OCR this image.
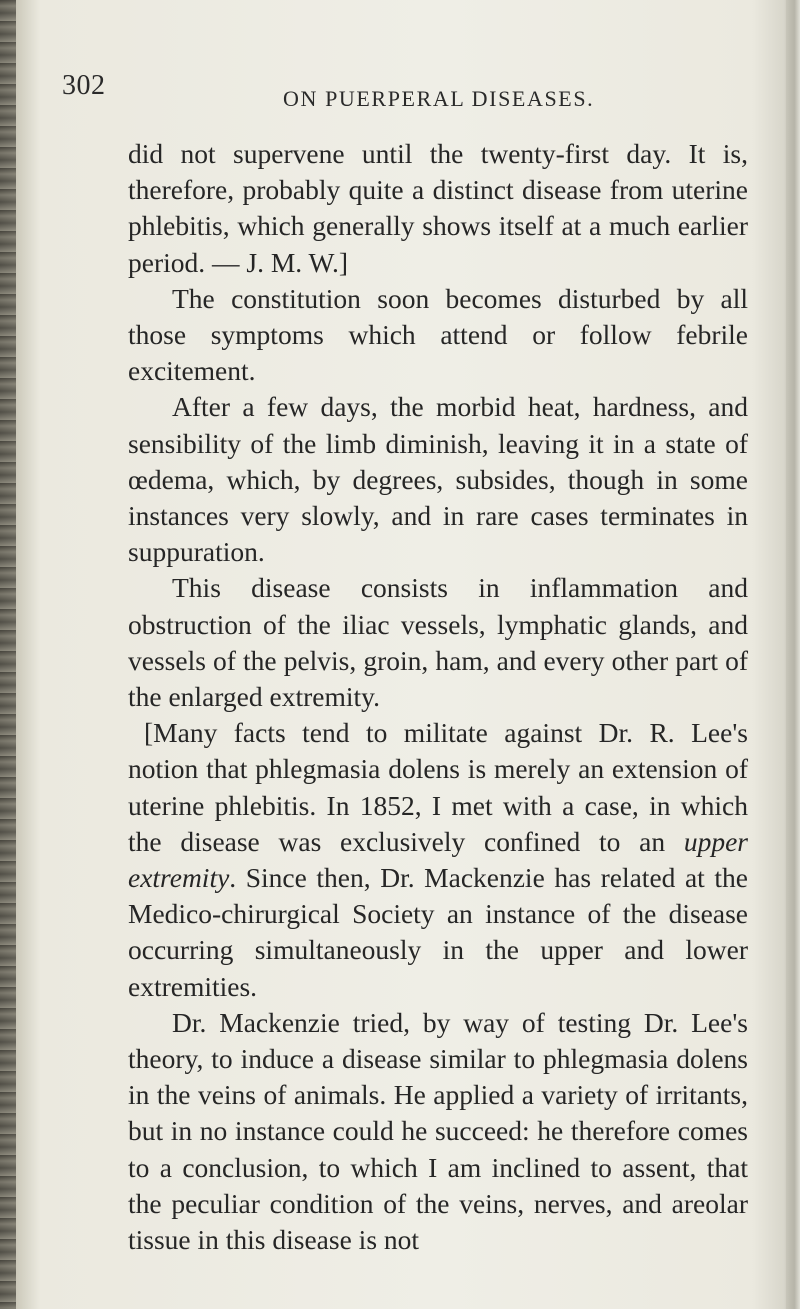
302	ON PUERPERAL DISEASES.

did not supervene until the twenty-first day. It is, therefore, probably quite a distinct disease from uterine phlebitis, which generally shows itself at a much earlier period. — J. M. W.]

The constitution soon becomes disturbed by all those symptoms which attend or follow febrile excitement.

After a few days, the morbid heat, hardness, and sensibility of the limb diminish, leaving it in a state of œdema, which, by degrees, subsides, though in some instances very slowly, and in rare cases terminates in suppuration.

This disease consists in inflammation and obstruction of the iliac vessels, lymphatic glands, and vessels of the pelvis, groin, ham, and every other part of the enlarged extremity.

[Many facts tend to militate against Dr. R. Lee's notion that phlegmasia dolens is merely an extension of uterine phlebitis. In 1852, I met with a case, in which the disease was exclusively confined to an upper extremity. Since then, Dr. Mackenzie has related at the Medico-chirurgical Society an instance of the disease occurring simultaneously in the upper and lower extremities.

Dr. Mackenzie tried, by way of testing Dr. Lee's theory, to induce a disease similar to phlegmasia dolens in the veins of animals. He applied a variety of irritants, but in no instance could he succeed: he therefore comes to a conclusion, to which I am inclined to assent, that the peculiar condition of the veins, nerves, and areolar tissue in this disease is not
